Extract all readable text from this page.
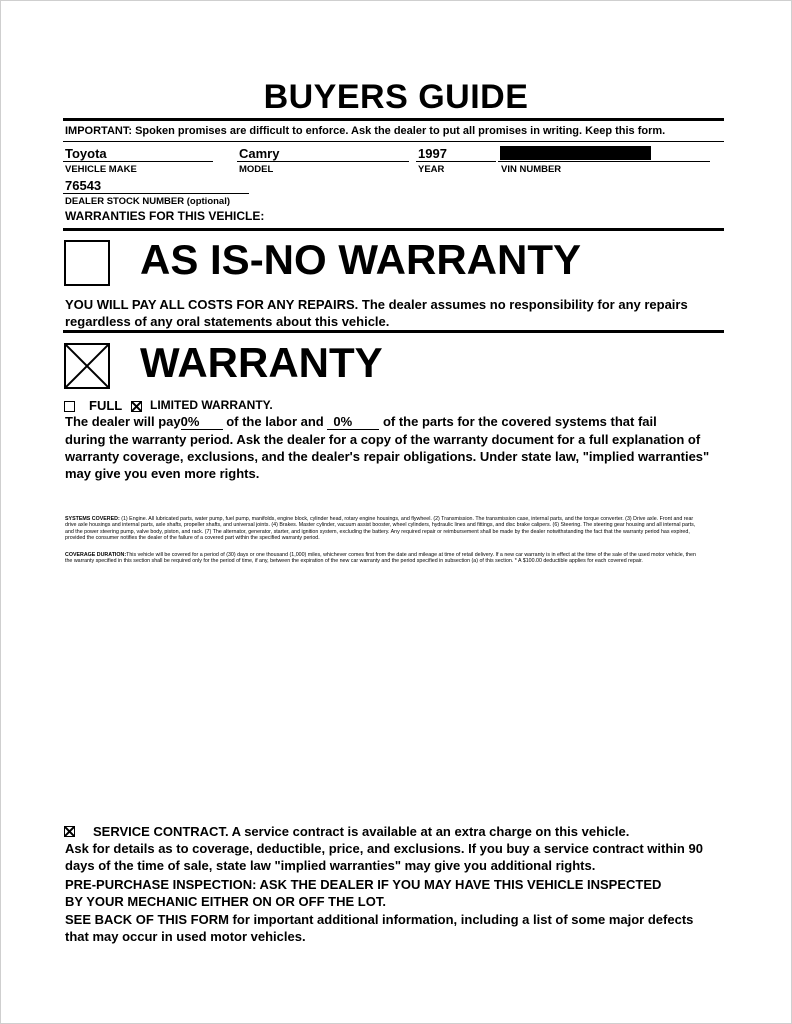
BUYERS GUIDE
IMPORTANT: Spoken promises are difficult to enforce. Ask the dealer to put all promises in writing. Keep this form.
Toyota
VEHICLE MAKE
Camry
MODEL
1997
YEAR	VIN NUMBER
76543
DEALER STOCK NUMBER (optional)
WARRANTIES FOR THIS VEHICLE:
AS IS-NO WARRANTY
YOU WILL PAY ALL COSTS FOR ANY REPAIRS. The dealer assumes no responsibility for any repairs regardless of any oral statements about this vehicle.
WARRANTY
FULL LIMITED WARRANTY.
The dealer will pay0% of the labor and 0% of the parts for the covered systems that fail
during the warranty period. Ask the dealer for a copy of the warranty document for a full explanation of warranty coverage, exclusions, and the dealer's repair obligations. Under state law, "implied warranties" may give you even more rights.
SYSTEMS COVERED: (1) Engine. All lubricated parts, water pump, fuel pump, manifolds, engine block, cylinder head, rotary engine housings, and flywheel. (2) Transmission. The transmission case, internal parts, and the torque converter. (3) Drive axle. Front and rear drive axle housings and internal parts, axle shafts, propeller shafts, and universal joints. (4) Brakes. Master cylinder, vacuum assist booster, wheel cylinders, hydraulic lines and fittings, and disc brake calipers. (6) Steering. The steering gear housing and all internal parts, and the power steering pump, valve body, piston, and rack. (7) The alternator, generator, starter, and ignition system, excluding the battery. Any required repair or reimbursement shall be made by the dealer notwithstanding the fact that the warranty period has expired, provided the consumer notifies the dealer of the failure of a covered part within the specified warranty period.
COVERAGE DURATION:This vehicle will be covered for a period of (30) days or one thousand (1,000) miles, whichever comes first from the date and mileage at time of retail delivery. If a new car warranty is in effect at the time of the sale of the used motor vehicle, then the warranty specified in this section shall be required only for the period of time, if any, between the expiration of the new car warranty and the period specified in subsection (a) of this section. * A $100.00 deductible applies for each covered repair.
SERVICE CONTRACT. A service contract is available at an extra charge on this vehicle.
Ask for details as to coverage, deductible, price, and exclusions. If you buy a service contract within 90 days of the time of sale, state law "implied warranties" may give you additional rights.
PRE-PURCHASE INSPECTION: ASK THE DEALER IF YOU MAY HAVE THIS VEHICLE INSPECTED BY YOUR MECHANIC EITHER ON OR OFF THE LOT.
SEE BACK OF THIS FORM for important additional information, including a list of some major defects that may occur in used motor vehicles.
